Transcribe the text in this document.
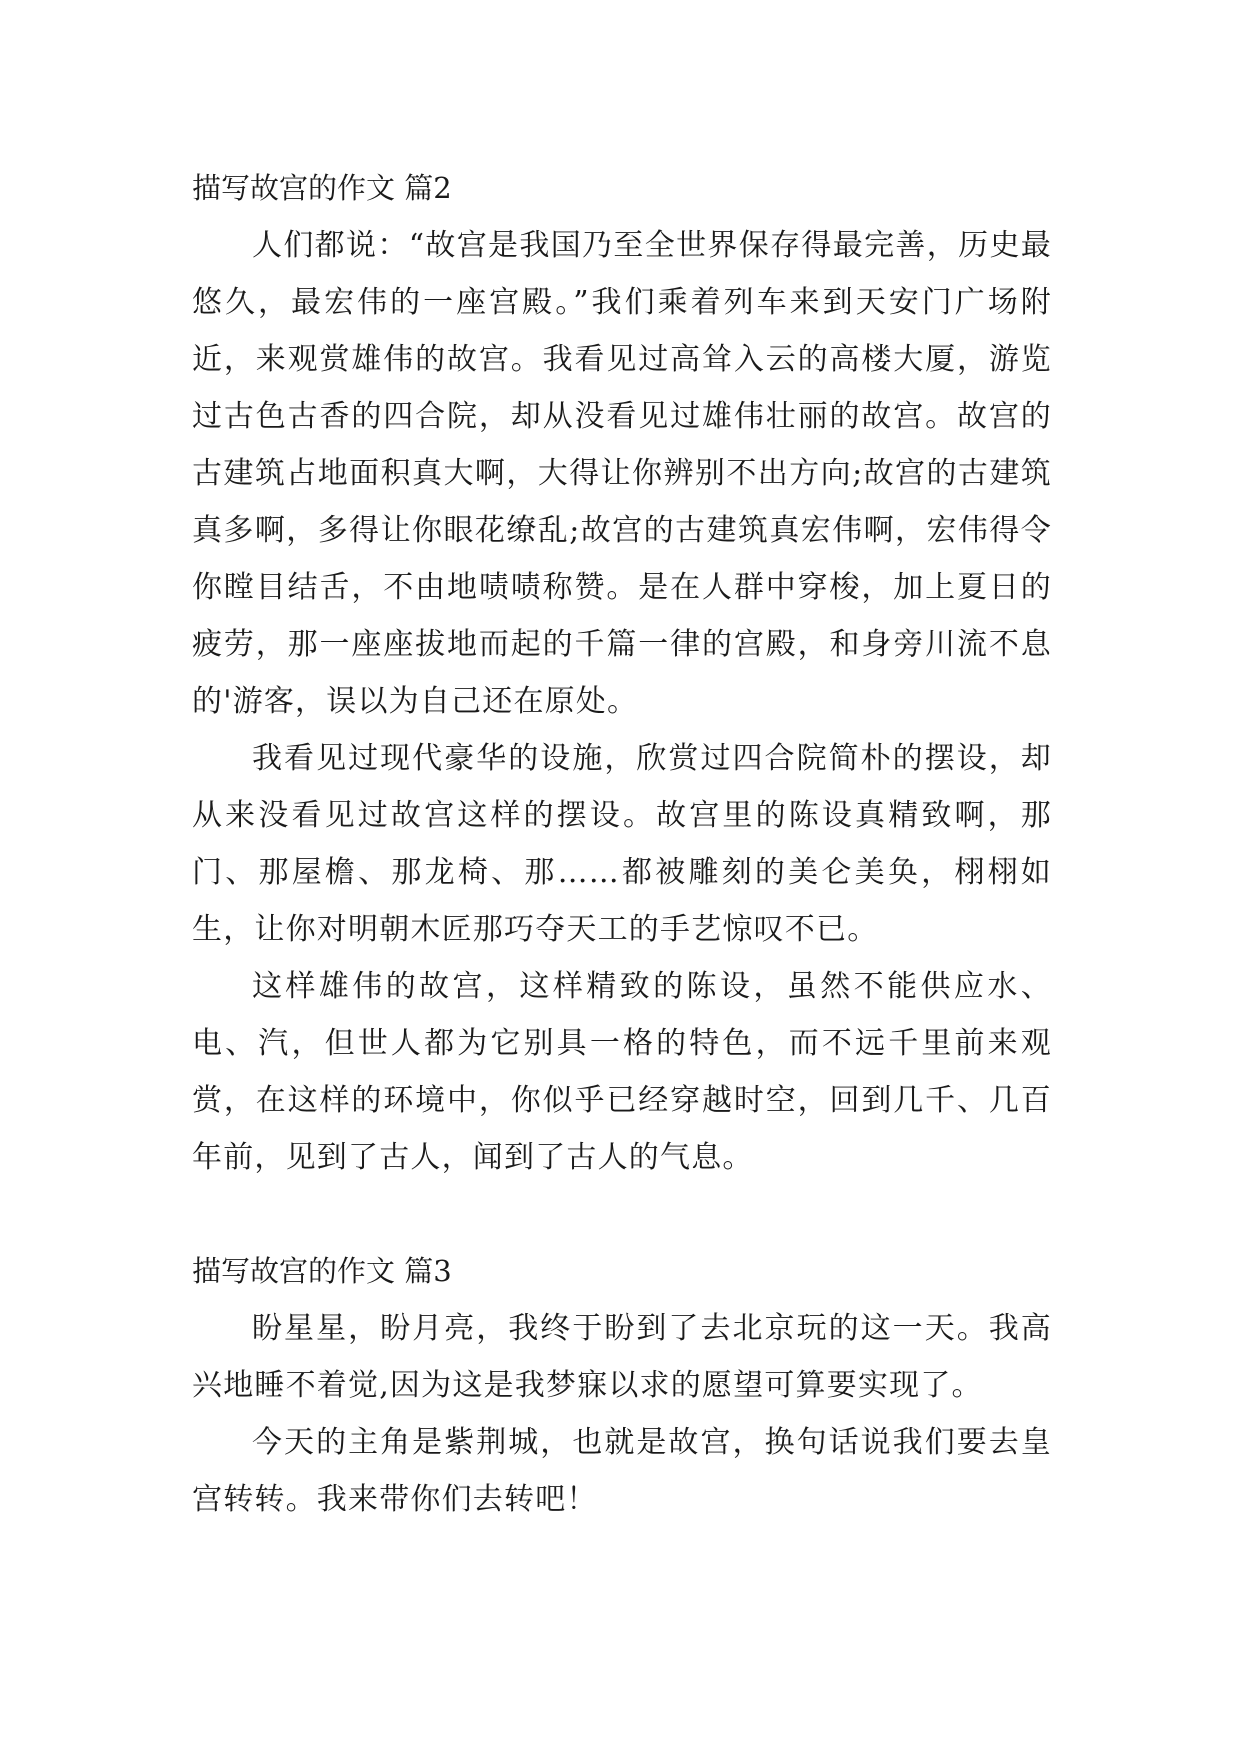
描写故宫的作文 篇2

人们都说：“故宫是我国乃至全世界保存得最完善，历史最悠久，最宏伟的一座宫殿。”我们乘着列车来到天安门广场附近，来观赏雄伟的故宫。我看见过高耸入云的高楼大厦，游览过古色古香的四合院，却从没看见过雄伟壮丽的故宫。故宫的古建筑占地面积真大啊，大得让你辨别不出方向;故宫的古建筑真多啊，多得让你眼花缭乱;故宫的古建筑真宏伟啊，宏伟得令你瞠目结舌，不由地啧啧称赞。是在人群中穿梭，加上夏日的疲劳，那一座座拔地而起的千篇一律的宫殿，和身旁川流不息的'游客，误以为自己还在原处。

我看见过现代豪华的设施，欣赏过四合院简朴的摆设，却从来没看见过故宫这样的摆设。故宫里的陈设真精致啊，那门、那屋檐、那龙椅、那……都被雕刻的美仑美奂，栩栩如生，让你对明朝木匠那巧夺天工的手艺惊叹不已。

这样雄伟的故宫，这样精致的陈设，虽然不能供应水、电、汽，但世人都为它别具一格的特色，而不远千里前来观赏，在这样的环境中，你似乎已经穿越时空，回到几千、几百年前，见到了古人，闻到了古人的气息。

描写故宫的作文 篇3

盼星星，盼月亮，我终于盼到了去北京玩的这一天。我高兴地睡不着觉,因为这是我梦寐以求的愿望可算要实现了。

今天的主角是紫荆城，也就是故宫，换句话说我们要去皇宫转转。我来带你们去转吧！
